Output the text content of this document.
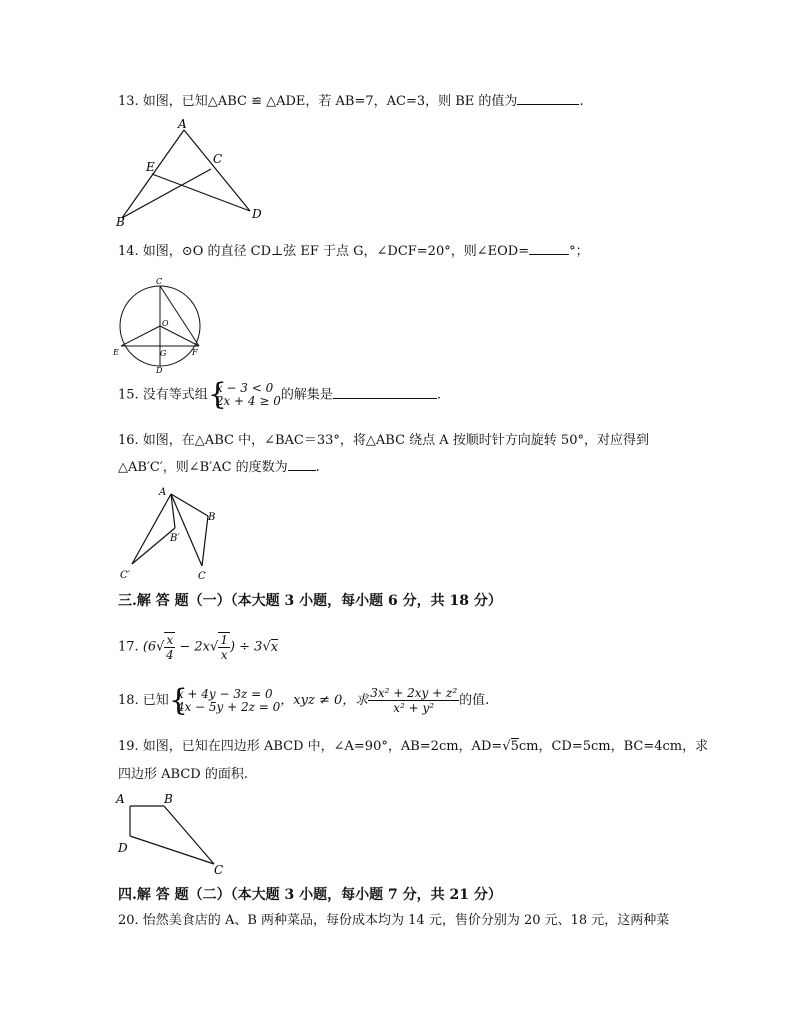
13. 如图，已知△ABC ≌ △ADE，若 AB=7，AC=3，则 BE 的值为	.
A
E
C
B
D
14. 如图，⊙O 的直径 CD⊥弦 EF 于点 G，∠DCF=20°，则∠EOD=	°；
C
O
E	G	F
D
15. 没有等式组 {
x − 3 < 0
2x + 4 ≥ 0 的解集是	.
16. 如图，在△ABC 中，∠BAC＝33°，将△ABC 绕点 A 按顺时针方向旋转 50°，对应得到
△AB′C′，则∠B′AC 的度数为 .
A
B
B′
C′	C
三.解 答 题（一）（本大题 3 小题，每小题 6 分，共 18 分）
17. ($6√ \frac{x}{4} - 2x√ \frac{1}{x}$ ) ÷ 3√x
18. 已知 {
x + 4y − 3z = 0
4x − 5y + 2z = 0 ，xyz ≠ 0，求 $\frac{\text{3x² + 2xy + z²}}{\text{x² + y²}}$ 的值.
19. 如图，已知在四边形 ABCD 中，∠A=90°，AB=2cm，AD=√5cm，CD=5cm，BC=4cm，求
四边形 ABCD 的面积.
A	B
D
C
四.解 答 题（二）（本大题 3 小题，每小题 7 分，共 21 分）
20. 怡然美食店的 A、B 两种菜品，每份成本均为 14 元，售价分别为 20 元、18 元，这两种菜
